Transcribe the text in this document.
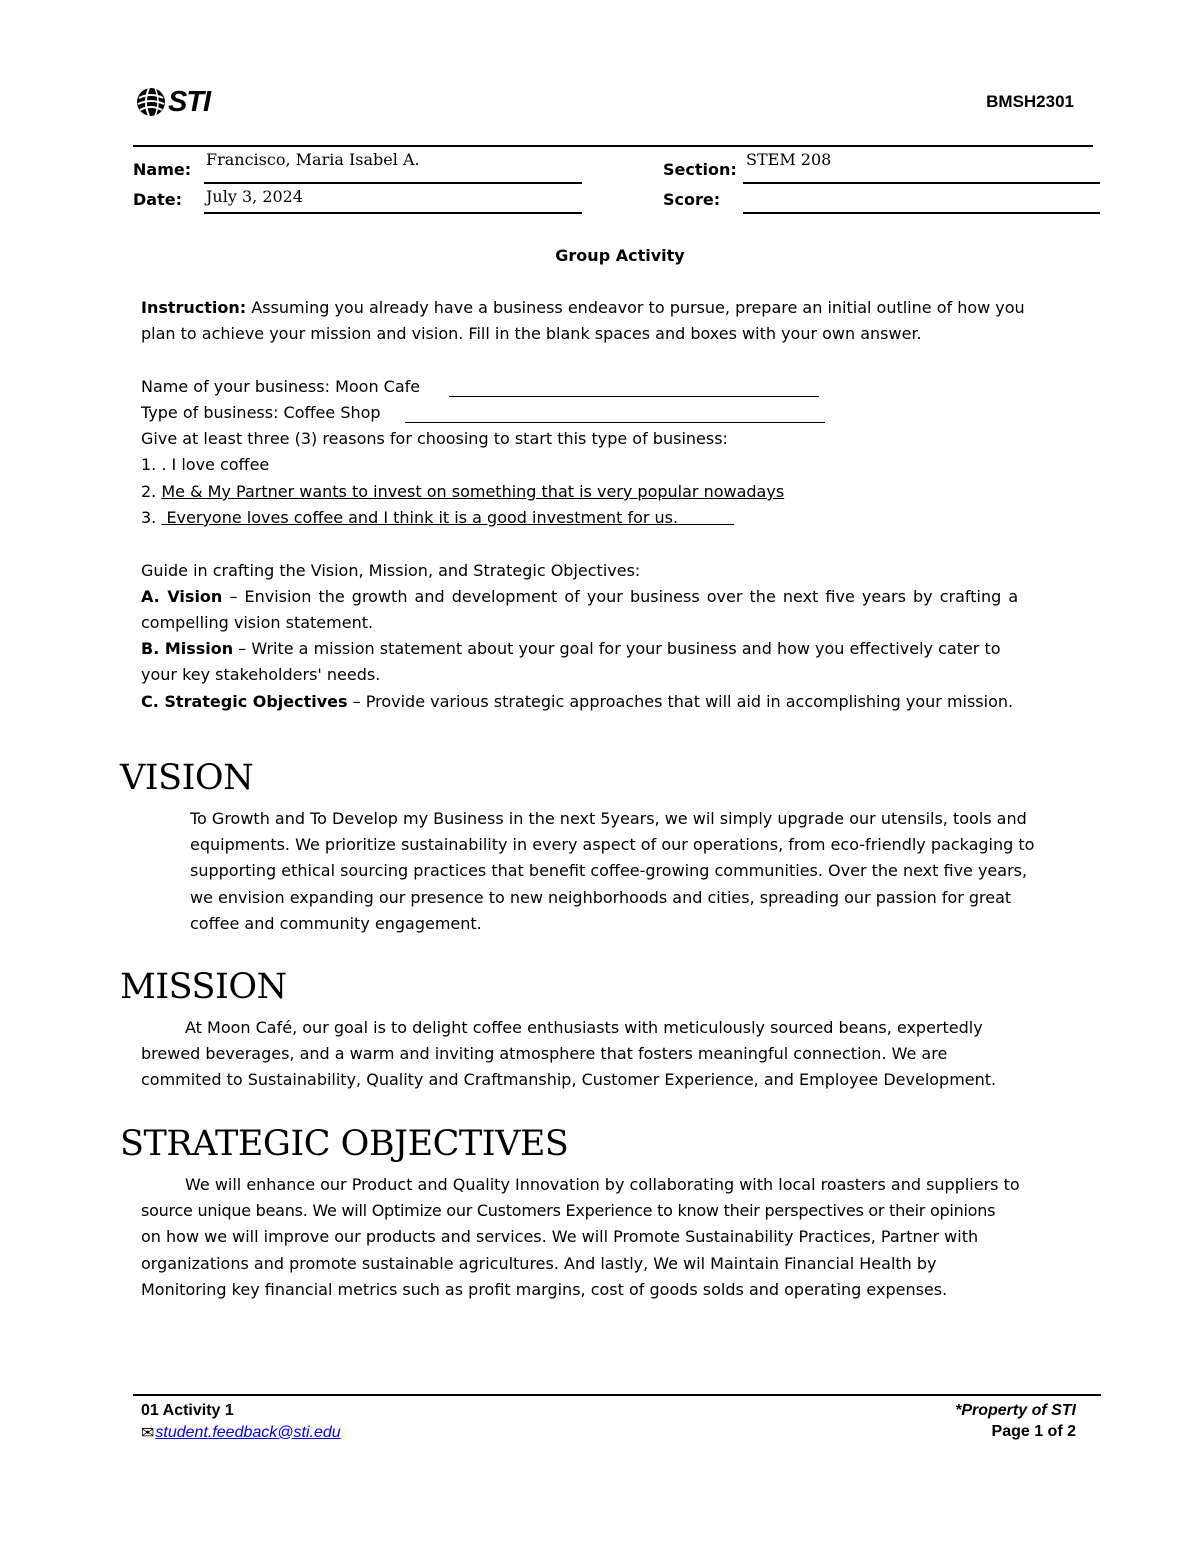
STI	BMSH2301
Name:
Francisco, Maria Isabel A.
Date: July 3, 2024
Section:
STEM 208
Score:
Group Activity
Instruction: Assuming you already have a business endeavor to pursue, prepare an initial outline of how you
plan to achieve your mission and vision. Fill in the blank spaces and boxes with your own answer.
Name of your business: Moon Cafe
Type of business: Coffee Shop
Give at least three (3) reasons for choosing to start this type of business:
1. . I love coffee
2. Me & My Partner wants to invest on something that is very popular nowadays
3.  Everyone loves coffee and I think it is a good investment for us.
Guide in crafting the Vision, Mission, and Strategic Objectives:
A. Vision – Envision the growth and development of your business over the next five years by crafting a
compelling vision statement.
B. Mission – Write a mission statement about your goal for your business and how you effectively cater to
your key stakeholders' needs.
C. Strategic Objectives – Provide various strategic approaches that will aid in accomplishing your mission.
VISION
To Growth and To Develop my Business in the next 5years, we wil simply upgrade our utensils, tools and
equipments. We prioritize sustainability in every aspect of our operations, from eco-friendly packaging to
supporting ethical sourcing practices that benefit coffee-growing communities. Over the next five years,
we envision expanding our presence to new neighborhoods and cities, spreading our passion for great
coffee and community engagement.
MISSION
At Moon Café, our goal is to delight coffee enthusiasts with meticulously sourced beans, expertedly
brewed beverages, and a warm and inviting atmosphere that fosters meaningful connection. We are
commited to Sustainability, Quality and Craftmanship, Customer Experience, and Employee Development.
STRATEGIC OBJECTIVES
We will enhance our Product and Quality Innovation by collaborating with local roasters and suppliers to
source unique beans. We will Optimize our Customers Experience to know their perspectives or their opinions
on how we will improve our products and services. We will Promote Sustainability Practices, Partner with
organizations and promote sustainable agricultures. And lastly, We wil Maintain Financial Health by
Monitoring key financial metrics such as profit margins, cost of goods solds and operating expenses.
01 Activity 1
✉ student.feedback@sti.edu
*Property of STI
Page 1 of 2
